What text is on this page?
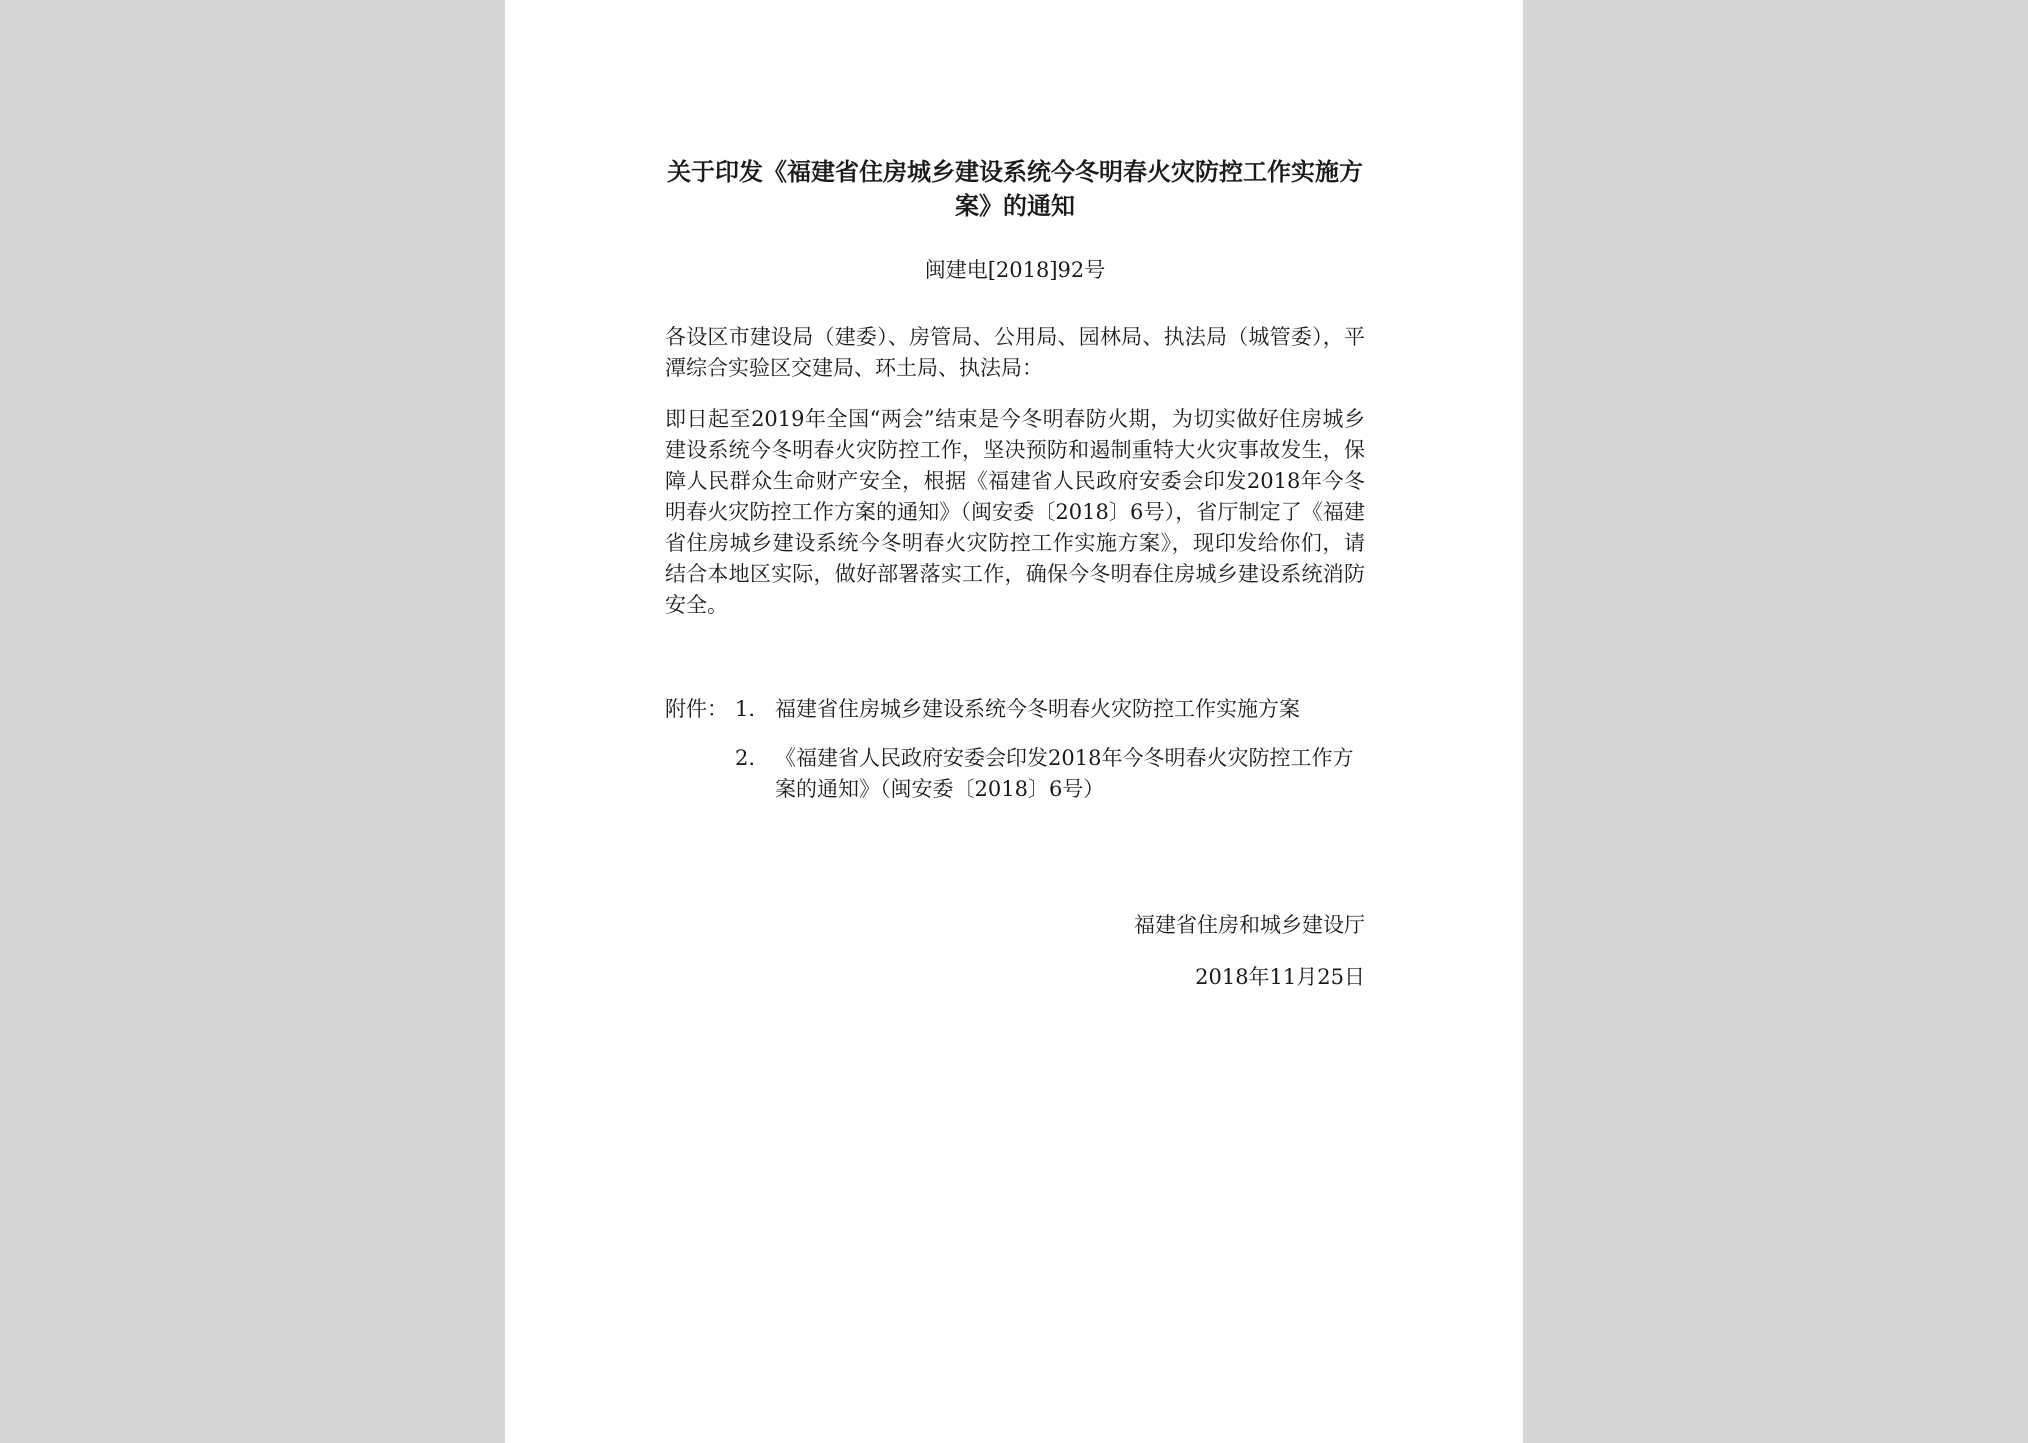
关于印发《福建省住房城乡建设系统今冬明春火灾防控工作实施方案》的通知
闽建电[2018]92号

各设区市建设局（建委）、房管局、公用局、园林局、执法局（城管委），平潭综合实验区交建局、环土局、执法局：

即日起至2019年全国“两会”结束是今冬明春防火期，为切实做好住房城乡建设系统今冬明春火灾防控工作，坚决预防和遏制重特大火灾事故发生，保障人民群众生命财产安全，根据《福建省人民政府安委会印发2018年今冬明春火灾防控工作方案的通知》（闽安委〔2018〕6号），省厅制定了《福建省住房城乡建设系统今冬明春火灾防控工作实施方案》，现印发给你们，请结合本地区实际，做好部署落实工作，确保今冬明春住房城乡建设系统消防安全。

附件： 1. 福建省住房城乡建设系统今冬明春火灾防控工作实施方案
2. 《福建省人民政府安委会印发2018年今冬明春火灾防控工作方案的通知》（闽安委〔2018〕6号）
福建省住房和城乡建设厅
2018年11月25日
